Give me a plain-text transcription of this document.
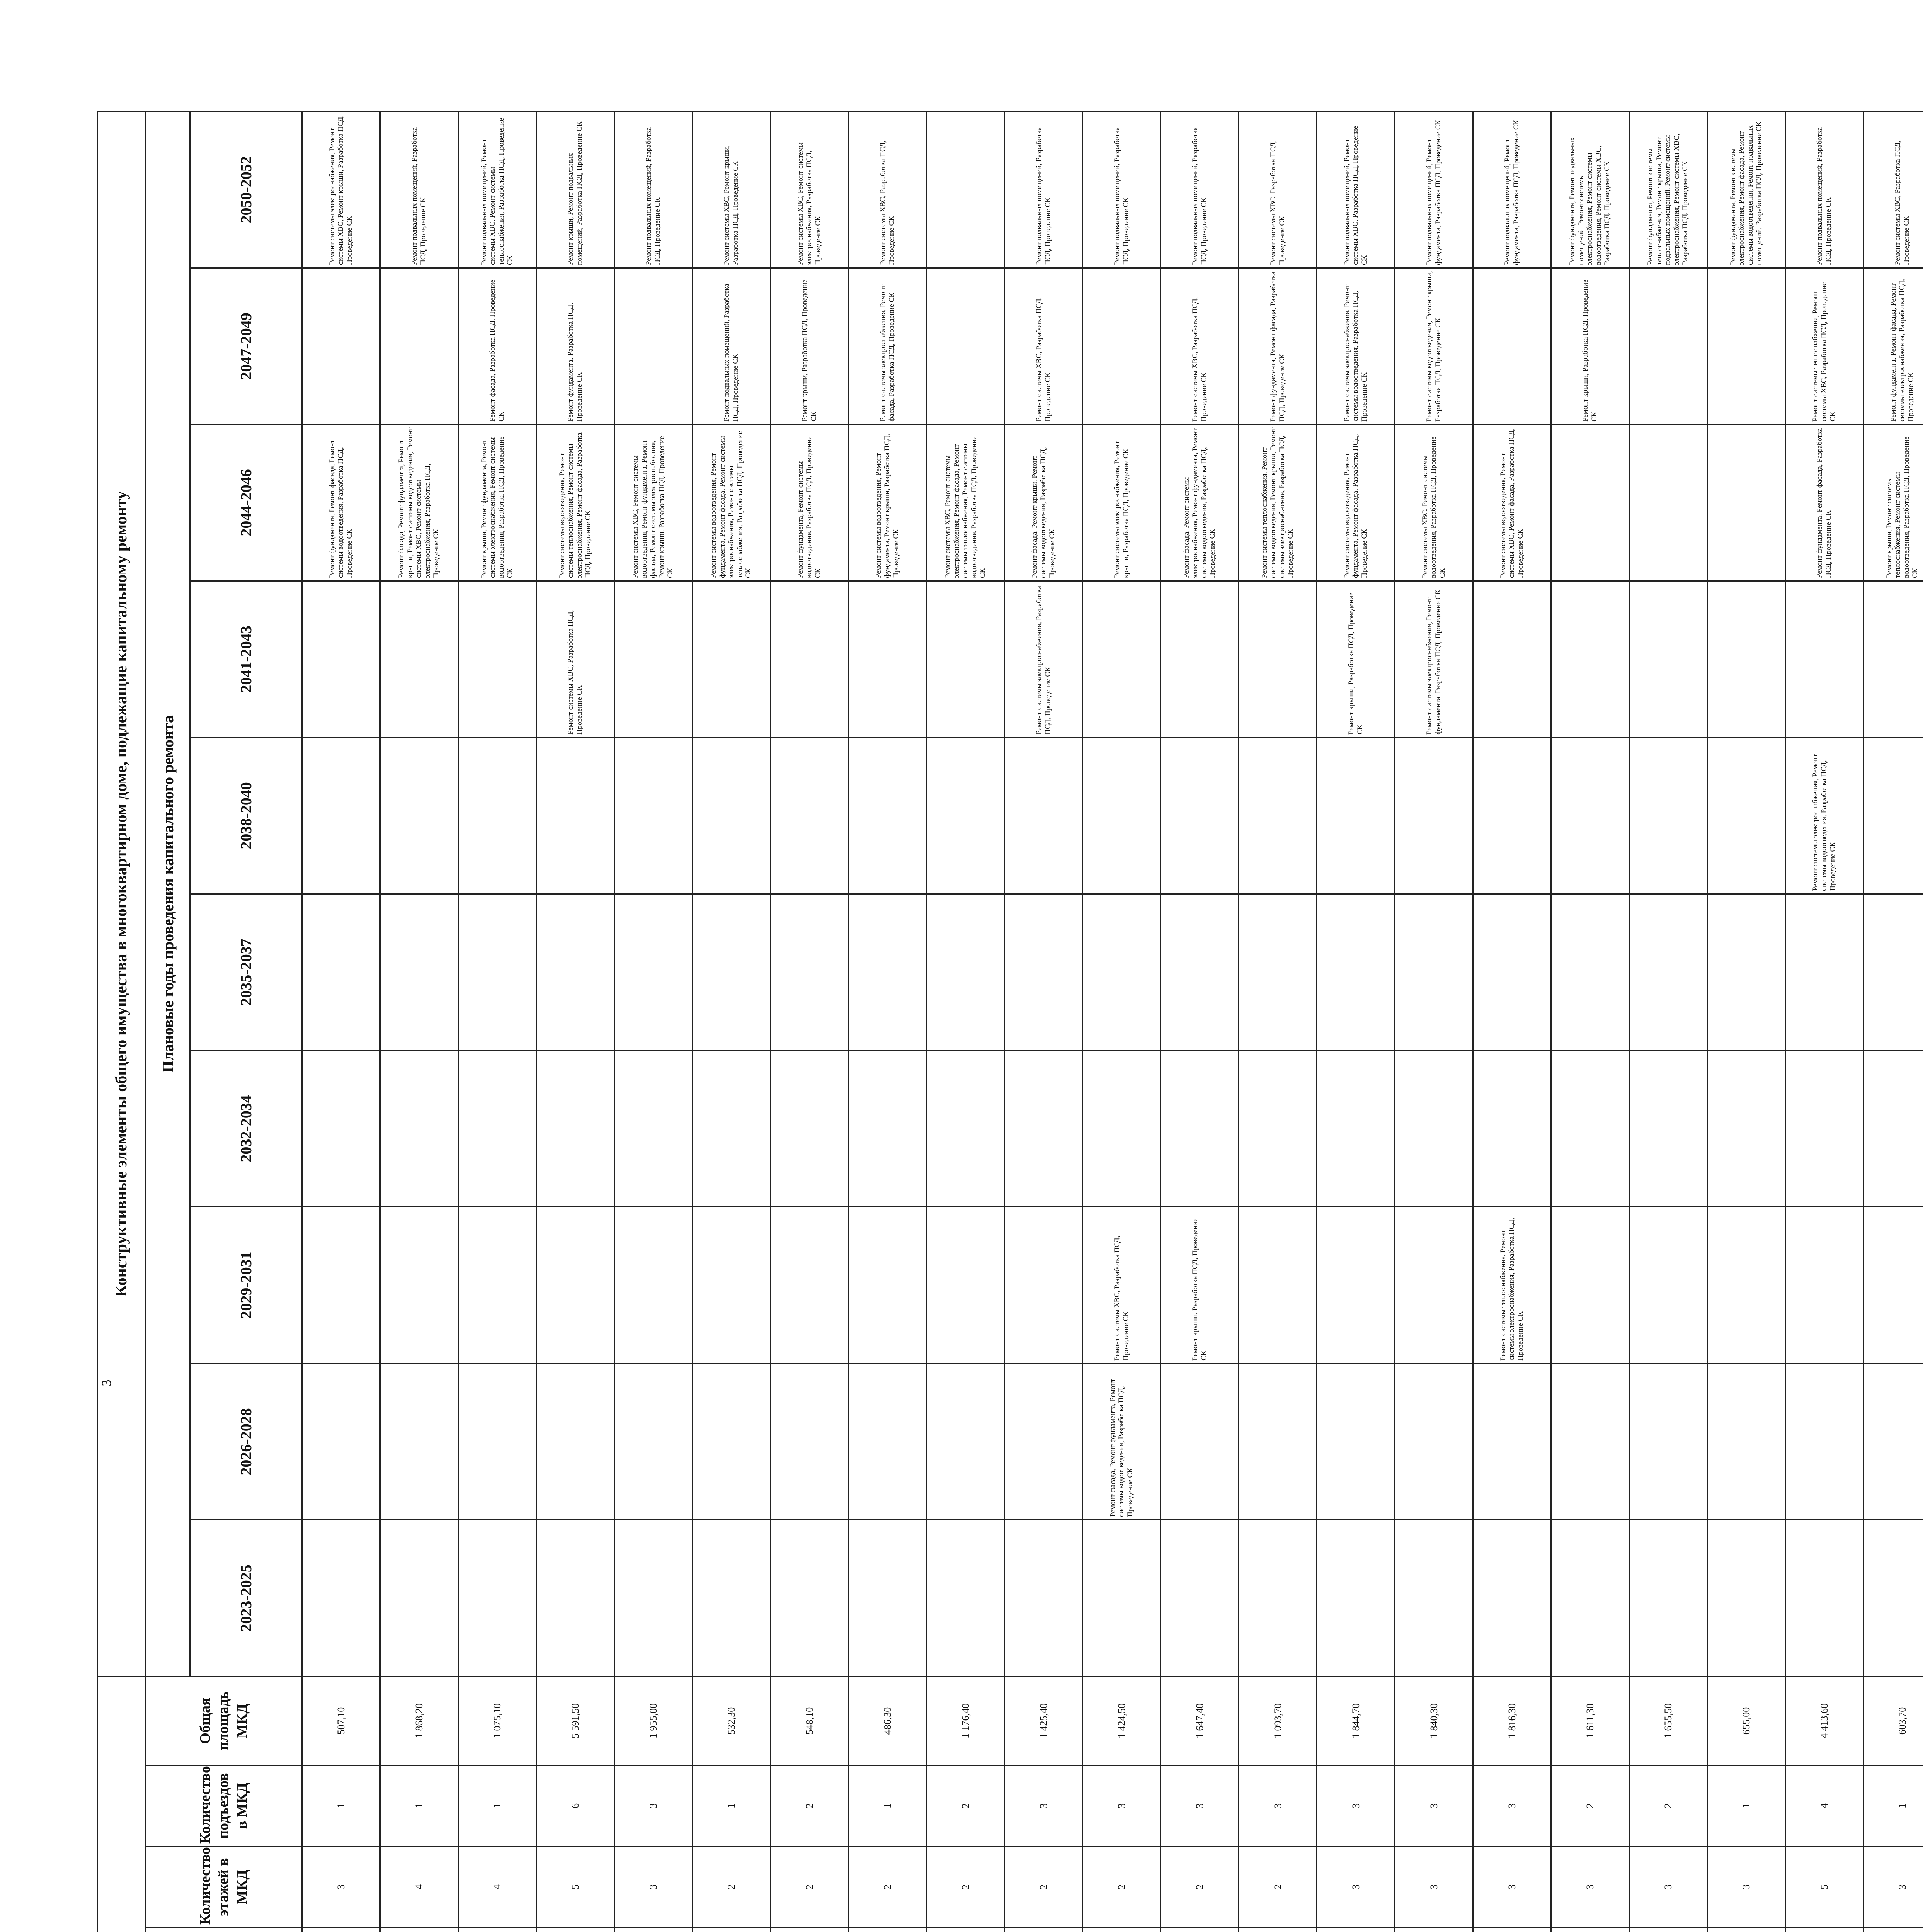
3
									Конструктивные элементы общего имущества в многоквартирном доме, подлежащие капитальному ремонту									
						Количество этажей в МКД	Количество подъездов в МКД	Общая площадь МКД	Плановые годы проведения капитального ремонта									
									2023-2025	2026-2028	2029-2031	2032-2034	2035-2037	2038-2040	2041-2043	2044-2046	2047-2049	2050-2052
						3	1	507,10								Ремонт фундамента, Ремонт фасада, Ремонт системы водоотведения, Разработка ПСД, Проведение СК		Ремонт системы электроснабжения, Ремонт системы ХВС, Ремонт крыши, Разработка ПСД, Проведение СК
						4	1	1 868,20								Ремонт фасада, Ремонт фундамента, Ремонт крыши, Ремонт системы водоотведения, Ремонт системы ХВС, Ремонт системы электроснабжения, Разработка ПСД, Проведение СК		Ремонт подвальных помещений, Разработка ПСД, Проведение СК
						4	1	1 075,10								Ремонт крыши, Ремонт фундамента, Ремонт системы электроснабжения, Ремонт системы водоотведения, Разработка ПСД, Проведение СК	Ремонт фасада, Разработка ПСД, Проведение СК	Ремонт подвальных помещений, Ремонт системы ХВС, Ремонт системы теплоснабжения, Разработка ПСД, Проведение СК
						5	6	5 591,50							Ремонт системы ХВС, Разработка ПСД, Проведение СК	Ремонт системы водоотведения, Ремонт системы теплоснабжения, Ремонт системы электроснабжения, Ремонт фасада, Разработка ПСД, Проведение СК	Ремонт фундамента, Разработка ПСД, Проведение СК	Ремонт крыши, Ремонт подвальных помещений, Разработка ПСД, Проведение СК
						3	3	1 955,00								Ремонт системы ХВС, Ремонт системы водоотведения, Ремонт фундамента, Ремонт фасада, Ремонт системы электроснабжения, Ремонт крыши, Разработка ПСД, Проведение СК		Ремонт подвальных помещений, Разработка ПСД, Проведение СК
						2	1	532,30								Ремонт системы водоотведения, Ремонт фундамента, Ремонт фасада, Ремонт системы электроснабжения, Ремонт системы теплоснабжения, Разработка ПСД, Проведение СК	Ремонт подвальных помещений, Разработка ПСД, Проведение СК	Ремонт системы ХВС, Ремонт крыши, Разработка ПСД, Проведение СК
						2	2	548,10								Ремонт фундамента, Ремонт системы водоотведения, Разработка ПСД, Проведение СК	Ремонт крыши, Разработка ПСД, Проведение СК	Ремонт системы ХВС, Ремонт системы электроснабжения, Разработка ПСД, Проведение СК
						2	1	486,30								Ремонт системы водоотведения, Ремонт фундамента, Ремонт крыши, Разработка ПСД, Проведение СК	Ремонт системы электроснабжения, Ремонт фасада, Разработка ПСД, Проведение СК	Ремонт системы ХВС, Разработка ПСД, Проведение СК
						2	2	1 176,40								Ремонт системы ХВС, Ремонт системы электроснабжения, Ремонт фасада, Ремонт системы теплоснабжения, Ремонт системы водоотведения, Разработка ПСД, Проведение СК		
						2	3	1 425,40							Ремонт системы электроснабжения, Разработка ПСД, Проведение СК	Ремонт фасада, Ремонт крыши, Ремонт системы водоотведения, Разработка ПСД, Проведение СК	Ремонт системы ХВС, Разработка ПСД, Проведение СК	Ремонт подвальных помещений, Разработка ПСД, Проведение СК
						2	3	1 424,50		Ремонт фасада, Ремонт фундамента, Ремонт системы водоотведения, Разработка ПСД, Проведение СК	Ремонт системы ХВС, Разработка ПСД, Проведение СК					Ремонт системы электроснабжения, Ремонт крыши, Разработка ПСД, Проведение СК		Ремонт подвальных помещений, Разработка ПСД, Проведение СК
						2	3	1 647,40			Ремонт крыши, Разработка ПСД, Проведение СК					Ремонт фасада, Ремонт системы электроснабжения, Ремонт фундамента, Ремонт системы водоотведения, Разработка ПСД, Проведение СК	Ремонт системы ХВС, Разработка ПСД, Проведение СК	Ремонт подвальных помещений, Разработка ПСД, Проведение СК
						2	3	1 093,70								Ремонт системы теплоснабжения, Ремонт системы водоотведения, Ремонт крыши, Ремонт системы электроснабжения, Разработка ПСД, Проведение СК	Ремонт фундамента, Ремонт фасада, Разработка ПСД, Проведение СК	Ремонт системы ХВС, Разработка ПСД, Проведение СК
						3	3	1 844,70							Ремонт крыши, Разработка ПСД, Проведение СК	Ремонт системы водоотведения, Ремонт фундамента, Ремонт фасада, Разработка ПСД, Проведение СК	Ремонт системы электроснабжения, Ремонт системы водоотведения, Разработка ПСД, Проведение СК	Ремонт подвальных помещений, Ремонт системы ХВС, Разработка ПСД, Проведение СК
						3	3	1 840,30							Ремонт системы электроснабжения, Ремонт фундамента, Разработка ПСД, Проведение СК	Ремонт системы ХВС, Ремонт системы водоотведения, Разработка ПСД, Проведение СК	Ремонт системы водоотведения, Ремонт крыши, Разработка ПСД, Проведение СК	Ремонт подвальных помещений, Ремонт фундамента, Разработка ПСД, Проведение СК
						3	3	1 816,30			Ремонт системы теплоснабжения, Ремонт системы электроснабжения, Разработка ПСД, Проведение СК					Ремонт системы водоотведения, Ремонт системы ХВС, Ремонт фасада, Разработка ПСД, Проведение СК		Ремонт подвальных помещений, Ремонт фундамента, Разработка ПСД, Проведение СК
						3	2	1 611,30									Ремонт крыши, Разработка ПСД, Проведение СК	Ремонт фундамента, Ремонт подвальных помещений, Ремонт системы электроснабжения, Ремонт системы водоотведения, Ремонт системы ХВС, Разработка ПСД, Проведение СК
						3	2	1 655,50										Ремонт фундамента, Ремонт системы теплоснабжения, Ремонт крыши, Ремонт подвальных помещений, Ремонт системы электроснабжения, Ремонт системы ХВС, Разработка ПСД, Проведение СК
						3	1	655,00										Ремонт фундамента, Ремонт системы электроснабжения, Ремонт фасада, Ремонт системы водоотведения, Ремонт подвальных помещений, Разработка ПСД, Проведение СК
						5	4	4 413,60						Ремонт системы электроснабжения, Ремонт системы водоотведения, Разработка ПСД, Проведение СК		Ремонт фундамента, Ремонт фасада, Разработка ПСД, Проведение СК	Ремонт системы теплоснабжения, Ремонт системы ХВС, Разработка ПСД, Проведение СК	Ремонт подвальных помещений, Разработка ПСД, Проведение СК
						3	1	603,70								Ремонт крыши, Ремонт системы теплоснабжения, Ремонт системы водоотведения, Разработка ПСД, Проведение СК	Ремонт фундамента, Ремонт фасада, Ремонт системы электроснабжения, Разработка ПСД, Проведение СК	Ремонт системы ХВС, Разработка ПСД, Проведение СК
